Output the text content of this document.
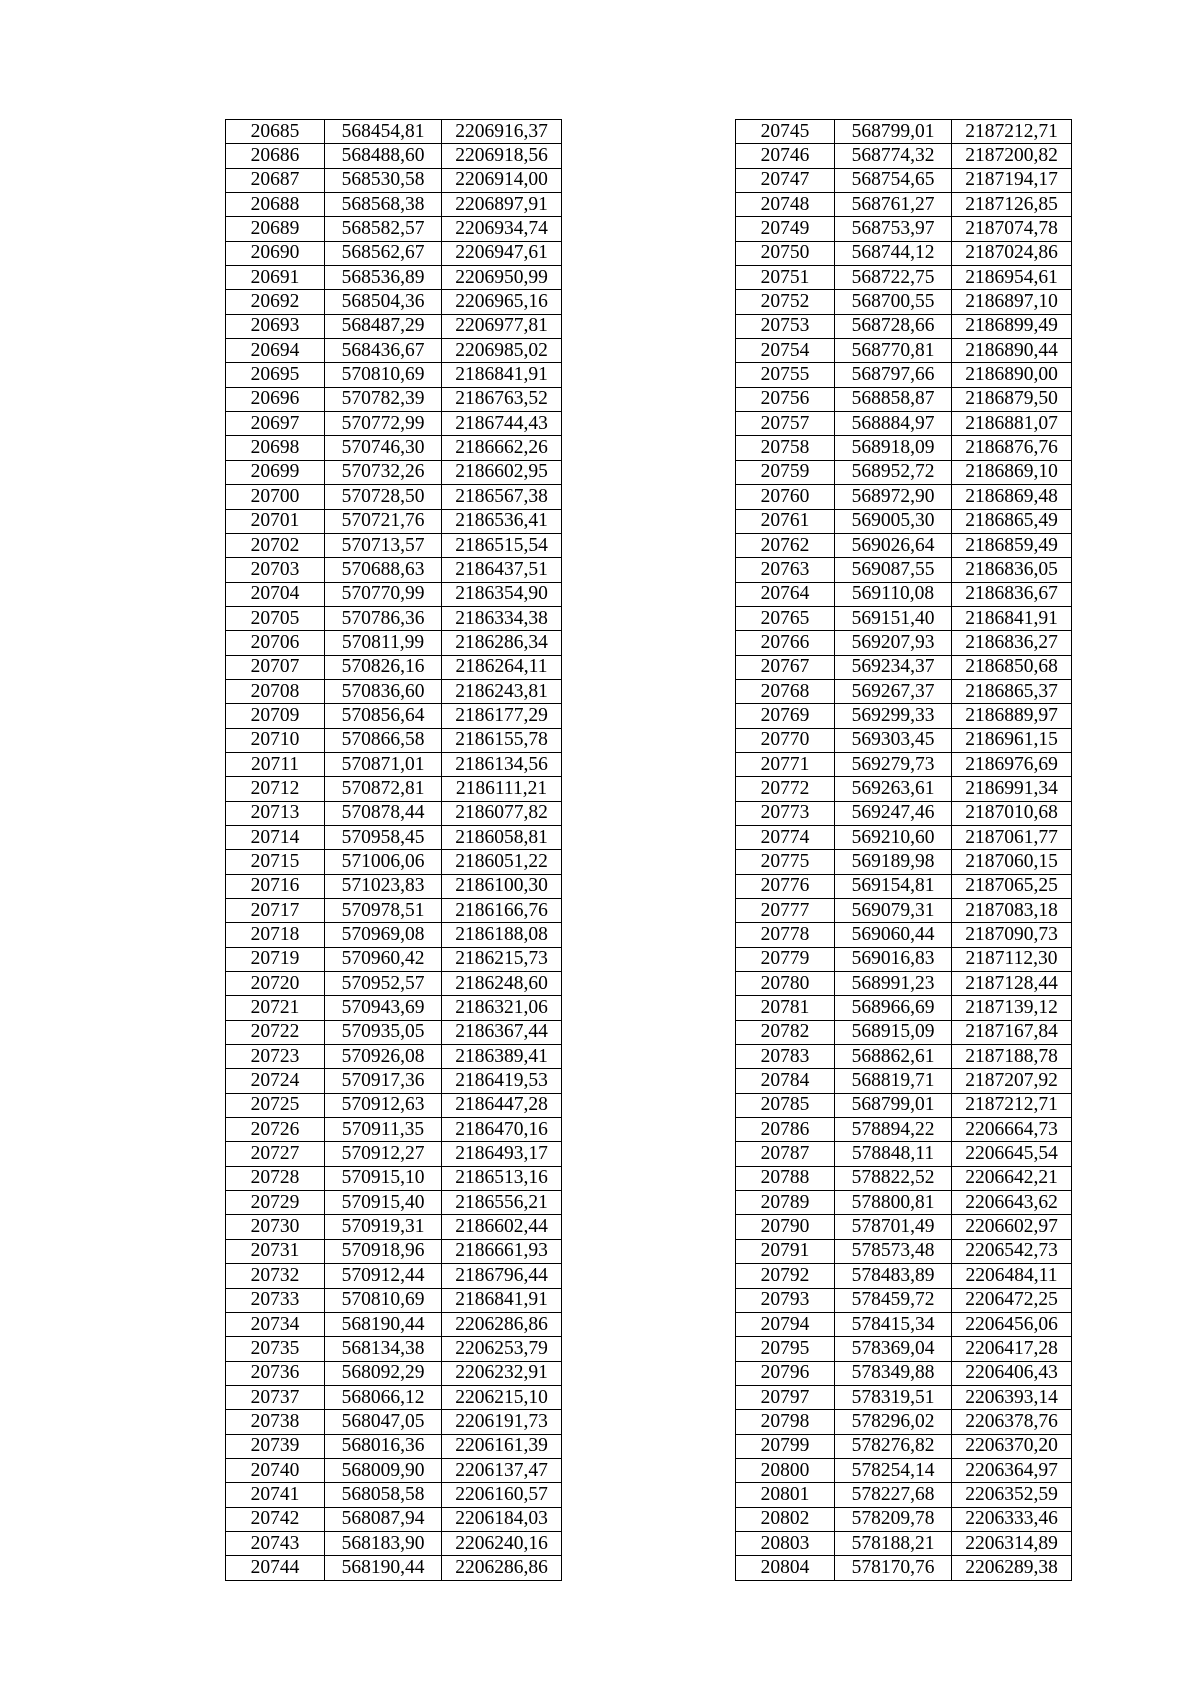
20685	568454,81	2206916,37
20686	568488,60	2206918,56
20687	568530,58	2206914,00
20688	568568,38	2206897,91
20689	568582,57	2206934,74
20690	568562,67	2206947,61
20691	568536,89	2206950,99
20692	568504,36	2206965,16
20693	568487,29	2206977,81
20694	568436,67	2206985,02
20695	570810,69	2186841,91
20696	570782,39	2186763,52
20697	570772,99	2186744,43
20698	570746,30	2186662,26
20699	570732,26	2186602,95
20700	570728,50	2186567,38
20701	570721,76	2186536,41
20702	570713,57	2186515,54
20703	570688,63	2186437,51
20704	570770,99	2186354,90
20705	570786,36	2186334,38
20706	570811,99	2186286,34
20707	570826,16	2186264,11
20708	570836,60	2186243,81
20709	570856,64	2186177,29
20710	570866,58	2186155,78
20711	570871,01	2186134,56
20712	570872,81	2186111,21
20713	570878,44	2186077,82
20714	570958,45	2186058,81
20715	571006,06	2186051,22
20716	571023,83	2186100,30
20717	570978,51	2186166,76
20718	570969,08	2186188,08
20719	570960,42	2186215,73
20720	570952,57	2186248,60
20721	570943,69	2186321,06
20722	570935,05	2186367,44
20723	570926,08	2186389,41
20724	570917,36	2186419,53
20725	570912,63	2186447,28
20726	570911,35	2186470,16
20727	570912,27	2186493,17
20728	570915,10	2186513,16
20729	570915,40	2186556,21
20730	570919,31	2186602,44
20731	570918,96	2186661,93
20732	570912,44	2186796,44
20733	570810,69	2186841,91
20734	568190,44	2206286,86
20735	568134,38	2206253,79
20736	568092,29	2206232,91
20737	568066,12	2206215,10
20738	568047,05	2206191,73
20739	568016,36	2206161,39
20740	568009,90	2206137,47
20741	568058,58	2206160,57
20742	568087,94	2206184,03
20743	568183,90	2206240,16
20744	568190,44	2206286,86
20745	568799,01	2187212,71
20746	568774,32	2187200,82
20747	568754,65	2187194,17
20748	568761,27	2187126,85
20749	568753,97	2187074,78
20750	568744,12	2187024,86
20751	568722,75	2186954,61
20752	568700,55	2186897,10
20753	568728,66	2186899,49
20754	568770,81	2186890,44
20755	568797,66	2186890,00
20756	568858,87	2186879,50
20757	568884,97	2186881,07
20758	568918,09	2186876,76
20759	568952,72	2186869,10
20760	568972,90	2186869,48
20761	569005,30	2186865,49
20762	569026,64	2186859,49
20763	569087,55	2186836,05
20764	569110,08	2186836,67
20765	569151,40	2186841,91
20766	569207,93	2186836,27
20767	569234,37	2186850,68
20768	569267,37	2186865,37
20769	569299,33	2186889,97
20770	569303,45	2186961,15
20771	569279,73	2186976,69
20772	569263,61	2186991,34
20773	569247,46	2187010,68
20774	569210,60	2187061,77
20775	569189,98	2187060,15
20776	569154,81	2187065,25
20777	569079,31	2187083,18
20778	569060,44	2187090,73
20779	569016,83	2187112,30
20780	568991,23	2187128,44
20781	568966,69	2187139,12
20782	568915,09	2187167,84
20783	568862,61	2187188,78
20784	568819,71	2187207,92
20785	568799,01	2187212,71
20786	578894,22	2206664,73
20787	578848,11	2206645,54
20788	578822,52	2206642,21
20789	578800,81	2206643,62
20790	578701,49	2206602,97
20791	578573,48	2206542,73
20792	578483,89	2206484,11
20793	578459,72	2206472,25
20794	578415,34	2206456,06
20795	578369,04	2206417,28
20796	578349,88	2206406,43
20797	578319,51	2206393,14
20798	578296,02	2206378,76
20799	578276,82	2206370,20
20800	578254,14	2206364,97
20801	578227,68	2206352,59
20802	578209,78	2206333,46
20803	578188,21	2206314,89
20804	578170,76	2206289,38
